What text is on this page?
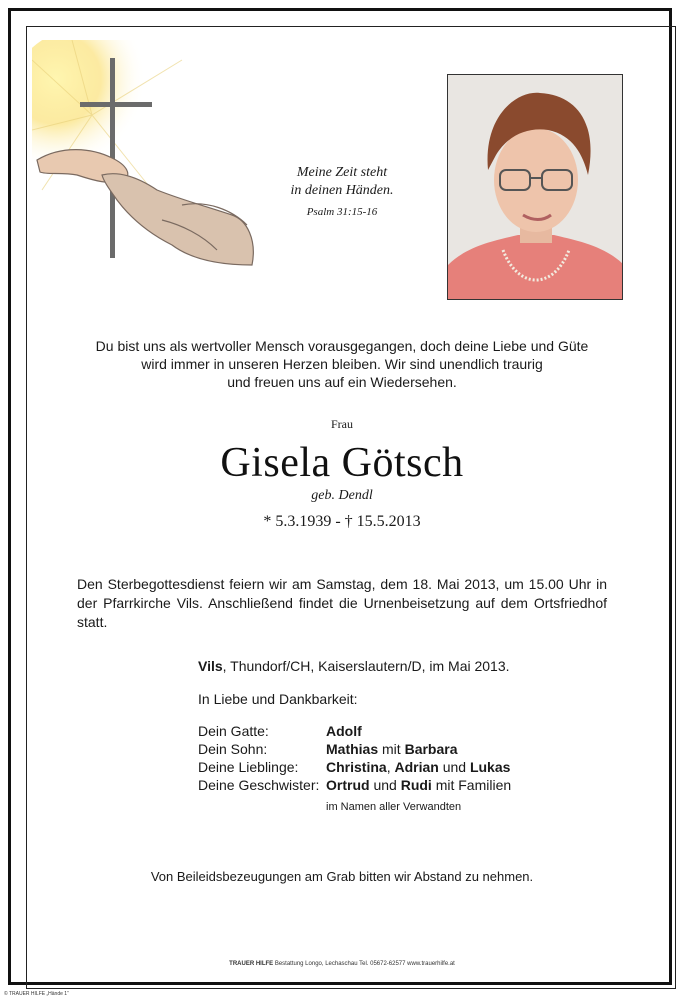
Meine Zeit steht
in deinen Händen.
Psalm 31:15-16
Du bist uns als wertvoller Mensch vorausgegangen, doch deine Liebe und Güte
wird immer in unseren Herzen bleiben. Wir sind unendlich traurig
und freuen uns auf ein Wiedersehen.
Frau
Gisela Götsch
geb. Dendl
* 5.3.1939 - † 15.5.2013
Den Sterbegottesdienst feiern wir am Samstag, dem 18. Mai 2013, um 15.00 Uhr in der Pfarrkirche Vils. Anschließend findet die Urnenbeisetzung auf dem Ortsfriedhof statt.
Vils, Thundorf/CH, Kaiserslautern/D, im Mai 2013.
In Liebe und Dankbarkeit:
Dein Gatte:	Adolf
Dein Sohn:	Mathias mit Barbara
Deine Lieblinge:	Christina, Adrian und Lukas
Deine Geschwister: Ortrud und Rudi mit Familien
im Namen aller Verwandten
Von Beileidsbezeugungen am Grab bitten wir Abstand zu nehmen.
TRAUER HILFE Bestattung Longo, Lechaschau Tel. 05672-62577 www.trauerhilfe.at
© TRAUER HILFE „Hände 1“
